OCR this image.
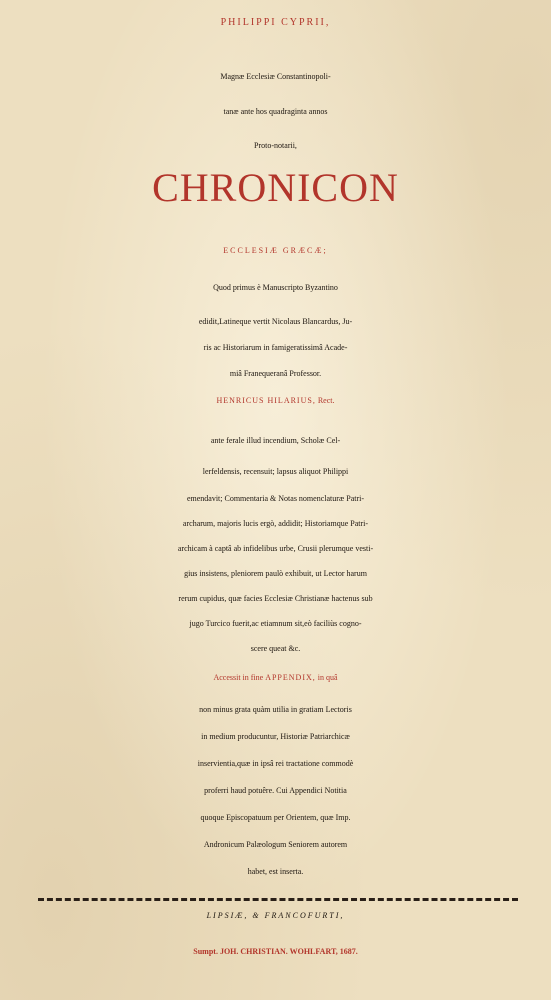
PHILIPPI CYPRII,
Magnæ Ecclesiæ Constantinopoli-
tanæ ante hos quadraginta annos
Proto-notarii,
CHRONICON
ECCLESIÆ GRÆCÆ;
Quod primus è Manuscripto Byzantino
edidit,Latineque vertit Nicolaus Blancardus, Ju-
ris ac Historiarum in famigeratissimâ Acade-
miâ Franequeranâ Professor.
HENRICUS HILARIUS, Rect.
ante ferale illud incendium, Scholæ Cel-
lerfeldensis, recensuit; lapsus aliquot Philippi
emendavit; Commentaria & Notas nomenclaturæ Patri-
archarum, majoris lucis ergò, addidit; Historiamque Patri-
archicam à captâ ab infidelibus urbe, Crusii plerumque vesti-
gius insistens, pleniorem paulò exhibuit, ut Lector harum
rerum cupidus, quæ facies Ecclesiæ Christianæ hactenus sub
jugo Turcico fuerit,ac etiamnum sit,eò faciliùs cogno-
scere queat &c.
Accessit in fine APPENDIX, in quâ
non minus grata quàm utilia in gratiam Lectoris
in medium producuntur, Historiæ Patriarchicæ
inservientia,quæ in ipsâ rei tractatione commodè
proferri haud potuêre. Cui Appendici Notitia
quoque Episcopatuum per Orientem, quæ Imp.
Andronicum Palæologum Seniorem autorem
habet, est inserta.
LIPSIÆ, & FRANCOFURTI,
Sumpt. JOH. CHRISTIAN. WOHLFART, 1687.
